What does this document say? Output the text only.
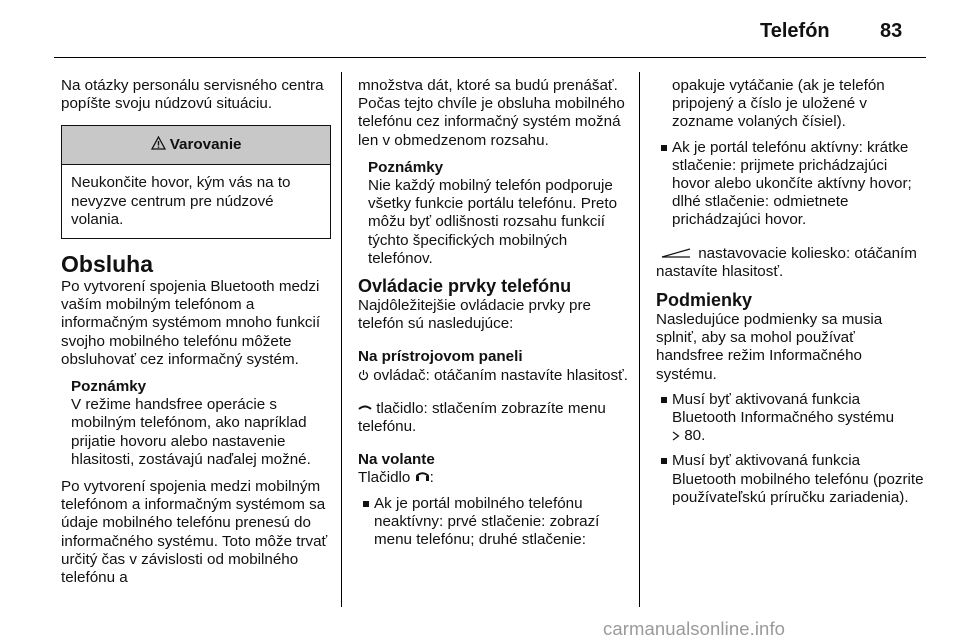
Telefón	83

Na otázky personálu servisného centra popíšte svoju núdzovú situáciu.

Varovanie
Neukončite hovor, kým vás na to nevyzve centrum pre núdzové volania.
Obsluha

Po vytvorení spojenia Bluetooth medzi vaším mobilným telefónom a informačným systémom mnoho funkcií svojho mobilného telefónu môžete obsluhovať cez informačný systém.

Poznámky
V režime handsfree operácie s mobilným telefónom, ako napríklad prijatie hovoru alebo nastavenie hlasitosti, zostávajú naďalej možné.

Po vytvorení spojenia medzi mobilným telefónom a informačným systémom sa údaje mobilného telefónu prenesú do informačného systému. Toto môže trvať určitý čas v závislosti od mobilného telefónu a

množstva dát, ktoré sa budú prenášať. Počas tejto chvíle je obsluha mobilného telefónu cez informačný systém možná len v obmedzenom rozsahu.

Poznámky
Nie každý mobilný telefón podporuje všetky funkcie portálu telefónu. Preto môžu byť odlišnosti rozsahu funkcií týchto špecifických mobilných telefónov.
Ovládacie prvky telefónu

Najdôležitejšie ovládacie prvky pre telefón sú nasledujúce:

Na prístrojovom paneli

ovládač: otáčaním nastavíte hlasitosť.

tlačidlo: stlačením zobrazíte menu telefónu.

Na volante

Tlačidlo :

Ak je portál mobilného telefónu neaktívny: prvé stlačenie: zobrazí menu telefónu; druhé stlačenie:

opakuje vytáčanie (ak je telefón pripojený a číslo je uložené v zozname volaných čísiel).

Ak je portál telefónu aktívny: krátke stlačenie: prijmete prichádzajúci hovor alebo ukončíte aktívny hovor; dlhé stlačenie: odmietnete prichádzajúci hovor.

nastavovacie koliesko: otáčaním nastavíte hlasitosť.

Podmienky

Nasledujúce podmienky sa musia splniť, aby sa mohol používať handsfree režim Informačného systému.

Musí byť aktivovaná funkcia Bluetooth Informačného systému
80.
Musí byť aktivovaná funkcia Bluetooth mobilného telefónu (pozrite používateľskú príručku zariadenia).
carmanualsonline.info
